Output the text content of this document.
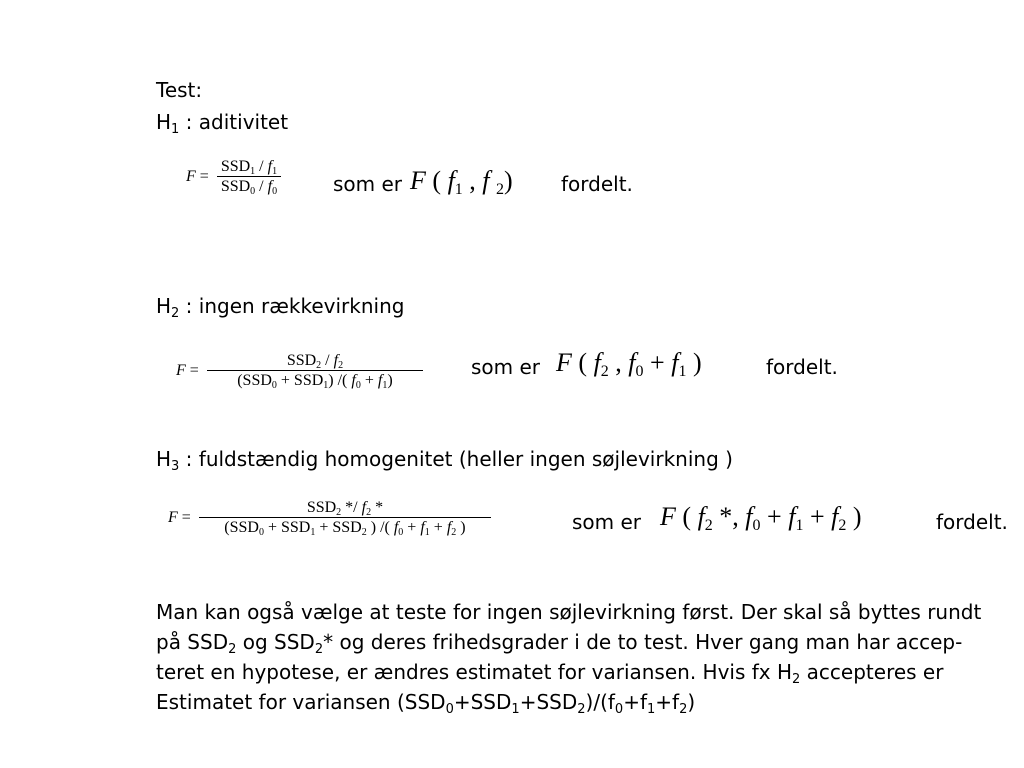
Test:
$H_1$ : aditivitet
$F = \frac{SSD_1 / f_1}{SSD_0 / f_0}$	som er F ( $f_1$ , f $_2$) fordelt.
$H_2$ : ingen rækkevirkning
$F = \frac{SSD_2 / f_2}{(SSD_0 + SSD_1) /( f_0 + f_1)}$ som er F ( $f_2$ , $f_0 + f_1$ )	fordelt.
$H_3$ : fuldstændig homogenitet (heller ingen søjlevirkning )
$F = \frac{SSD_2 */ f_2 *}{(SSD_0 + SSD_1 + SSD_2 ) /( f_0 + f_1 + f_2 )}$	som er F ( $f_2$ *, $f_0 + f_1 + f_2$ )	fordelt.
Man kan også vælge at teste for ingen søjlevirkning først. Der skal så byttes rundt
på $SSD_2$ og $SSD_2*$ og deres frihedsgrader i de to test. Hver gang man har accep-
teret en hypotese, er ændres estimatet for variansen. Hvis fx $H_2$ accepteres er
Estimatet for variansen $(SSD_0+SSD_1+SSD_2)/(f_0+f_1+f_2)$
